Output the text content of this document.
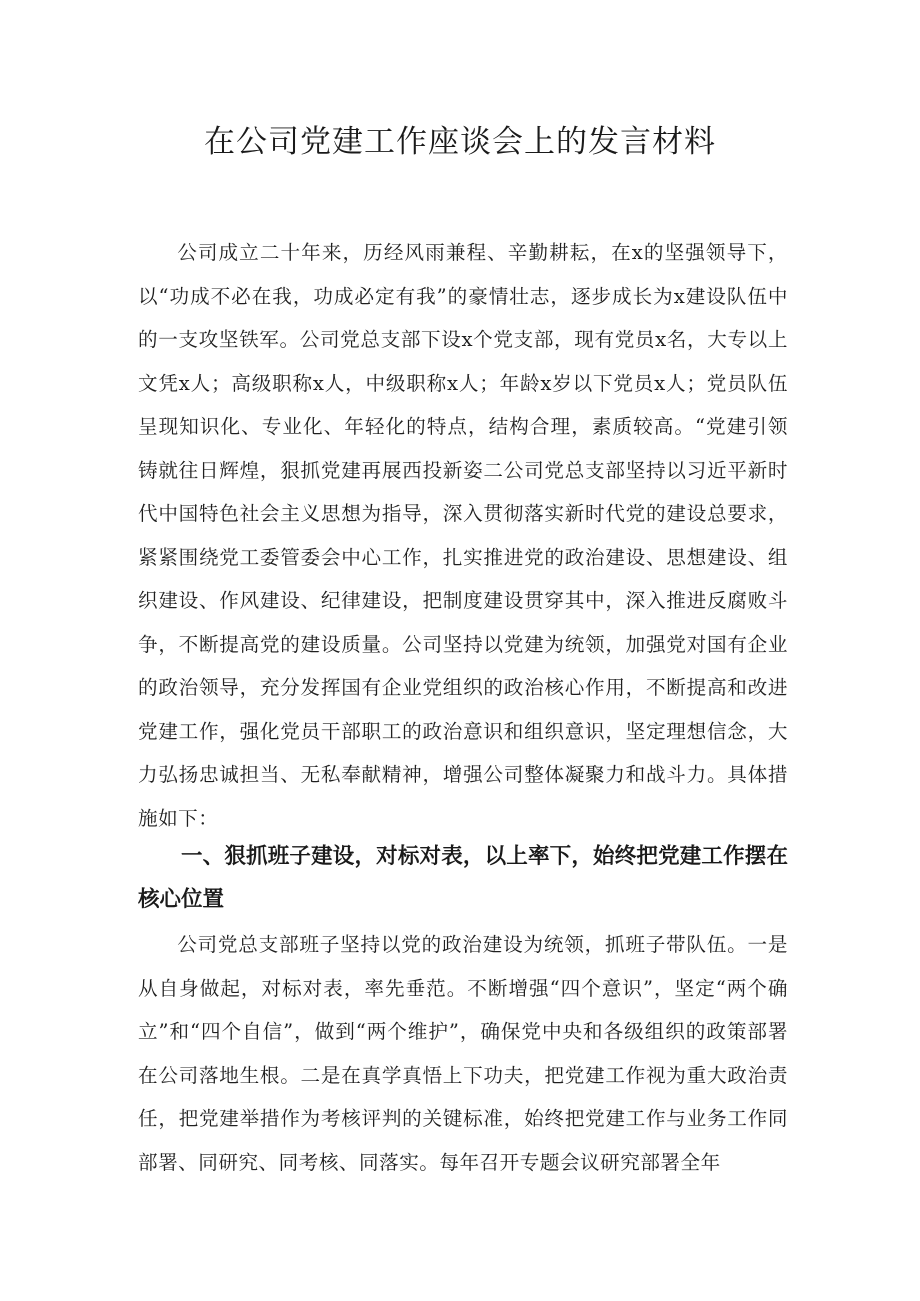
在公司党建工作座谈会上的发言材料

公司成立二十年来，历经风雨兼程、辛勤耕耘，在x的坚强领导下，以“功成不必在我，功成必定有我”的豪情壮志，逐步成长为x建设队伍中的一支攻坚铁军。公司党总支部下设x个党支部，现有党员x名，大专以上文凭x人；高级职称x人，中级职称x人；年龄x岁以下党员x人；党员队伍呈现知识化、专业化、年轻化的特点，结构合理，素质较高。“党建引领铸就往日辉煌，狠抓党建再展西投新姿二公司党总支部坚持以习近平新时代中国特色社会主义思想为指导，深入贯彻落实新时代党的建设总要求，紧紧围绕党工委管委会中心工作，扎实推进党的政治建设、思想建设、组织建设、作风建设、纪律建设，把制度建设贯穿其中，深入推进反腐败斗争，不断提高党的建设质量。公司坚持以党建为统领，加强党对国有企业的政治领导，充分发挥国有企业党组织的政治核心作用，不断提高和改进党建工作，强化党员干部职工的政治意识和组织意识，坚定理想信念，大力弘扬忠诚担当、无私奉献精神，增强公司整体凝聚力和战斗力。具体措施如下：

一、狠抓班子建设，对标对表，以上率下，始终把党建工作摆在核心位置

公司党总支部班子坚持以党的政治建设为统领，抓班子带队伍。一是从自身做起，对标对表，率先垂范。不断增强“四个意识”，坚定“两个确立”和“四个自信”，做到“两个维护”，确保党中央和各级组织的政策部署在公司落地生根。二是在真学真悟上下功夫，把党建工作视为重大政治责任，把党建举措作为考核评判的关键标准，始终把党建工作与业务工作同部署、同研究、同考核、同落实。每年召开专题会议研究部署全年
